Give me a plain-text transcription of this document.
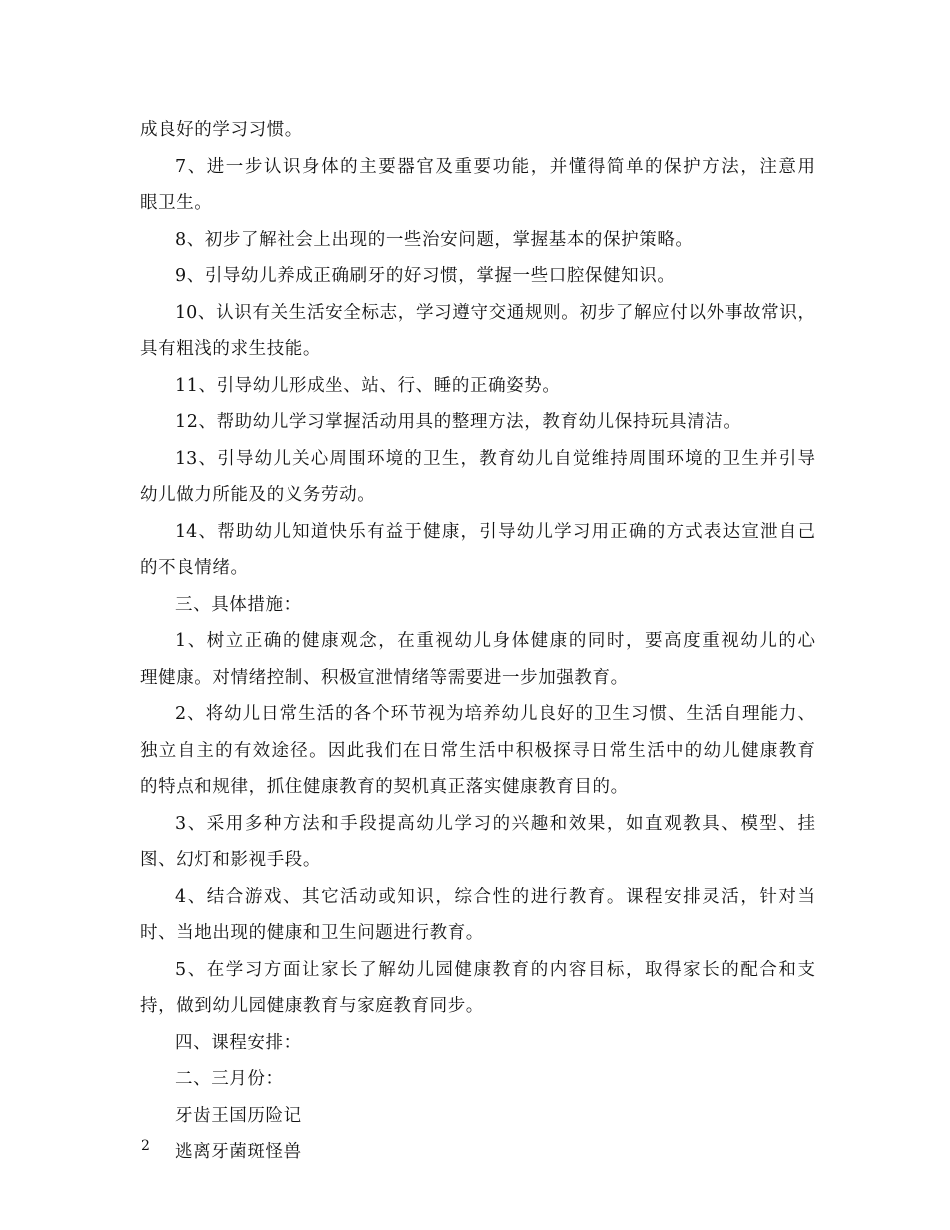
成良好的学习习惯。
7、进一步认识身体的主要器官及重要功能，并懂得简单的保护方法，注意用
眼卫生。
8、初步了解社会上出现的一些治安问题，掌握基本的保护策略。
9、引导幼儿养成正确刷牙的好习惯，掌握一些口腔保健知识。
10、认识有关生活安全标志，学习遵守交通规则。初步了解应付以外事故常识，
具有粗浅的求生技能。
11、引导幼儿形成坐、站、行、睡的正确姿势。
12、帮助幼儿学习掌握活动用具的整理方法，教育幼儿保持玩具清洁。
13、引导幼儿关心周围环境的卫生，教育幼儿自觉维持周围环境的卫生并引导
幼儿做力所能及的义务劳动。
14、帮助幼儿知道快乐有益于健康，引导幼儿学习用正确的方式表达宣泄自己
的不良情绪。
三、具体措施：
1、树立正确的健康观念，在重视幼儿身体健康的同时，要高度重视幼儿的心
理健康。对情绪控制、积极宣泄情绪等需要进一步加强教育。
2、将幼儿日常生活的各个环节视为培养幼儿良好的卫生习惯、生活自理能力、
独立自主的有效途径。因此我们在日常生活中积极探寻日常生活中的幼儿健康教育
的特点和规律，抓住健康教育的契机真正落实健康教育目的。
3、采用多种方法和手段提高幼儿学习的兴趣和效果，如直观教具、模型、挂
图、幻灯和影视手段。
4、结合游戏、其它活动或知识，综合性的进行教育。课程安排灵活，针对当
时、当地出现的健康和卫生问题进行教育。
5、在学习方面让家长了解幼儿园健康教育的内容目标，取得家长的配合和支
持，做到幼儿园健康教育与家庭教育同步。
四、课程安排：
二、三月份：
牙齿王国历险记
逃离牙菌斑怪兽
2
